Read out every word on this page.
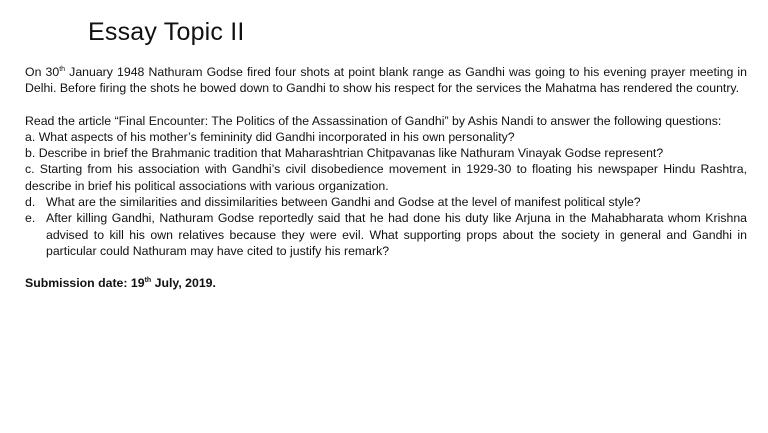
Essay Topic II

On 30th January 1948 Nathuram Godse fired four shots at point blank range as Gandhi was going to his evening prayer meeting in Delhi. Before firing the shots he bowed down to Gandhi to show his respect for the services the Mahatma has rendered the country.

Read the article “Final Encounter: The Politics of the Assassination of Gandhi” by Ashis Nandi to answer the following questions:

a. What aspects of his mother’s femininity did Gandhi incorporated in his own personality?

b. Describe in brief the Brahmanic tradition that Maharashtrian Chitpavanas like Nathuram Vinayak Godse represent?

c. Starting from his association with Gandhi’s civil disobedience movement in 1929-30 to floating his newspaper Hindu Rashtra, describe in brief his political associations with various organization.

d. What are the similarities and dissimilarities between Gandhi and Godse at the level of manifest political style?
e. After killing Gandhi, Nathuram Godse reportedly said that he had done his duty like Arjuna in the Mahabharata whom Krishna advised to kill his own relatives because they were evil. What supporting props about the society in general and Gandhi in particular could Nathuram may have cited to justify his remark?

Submission date: 19th July, 2019.
